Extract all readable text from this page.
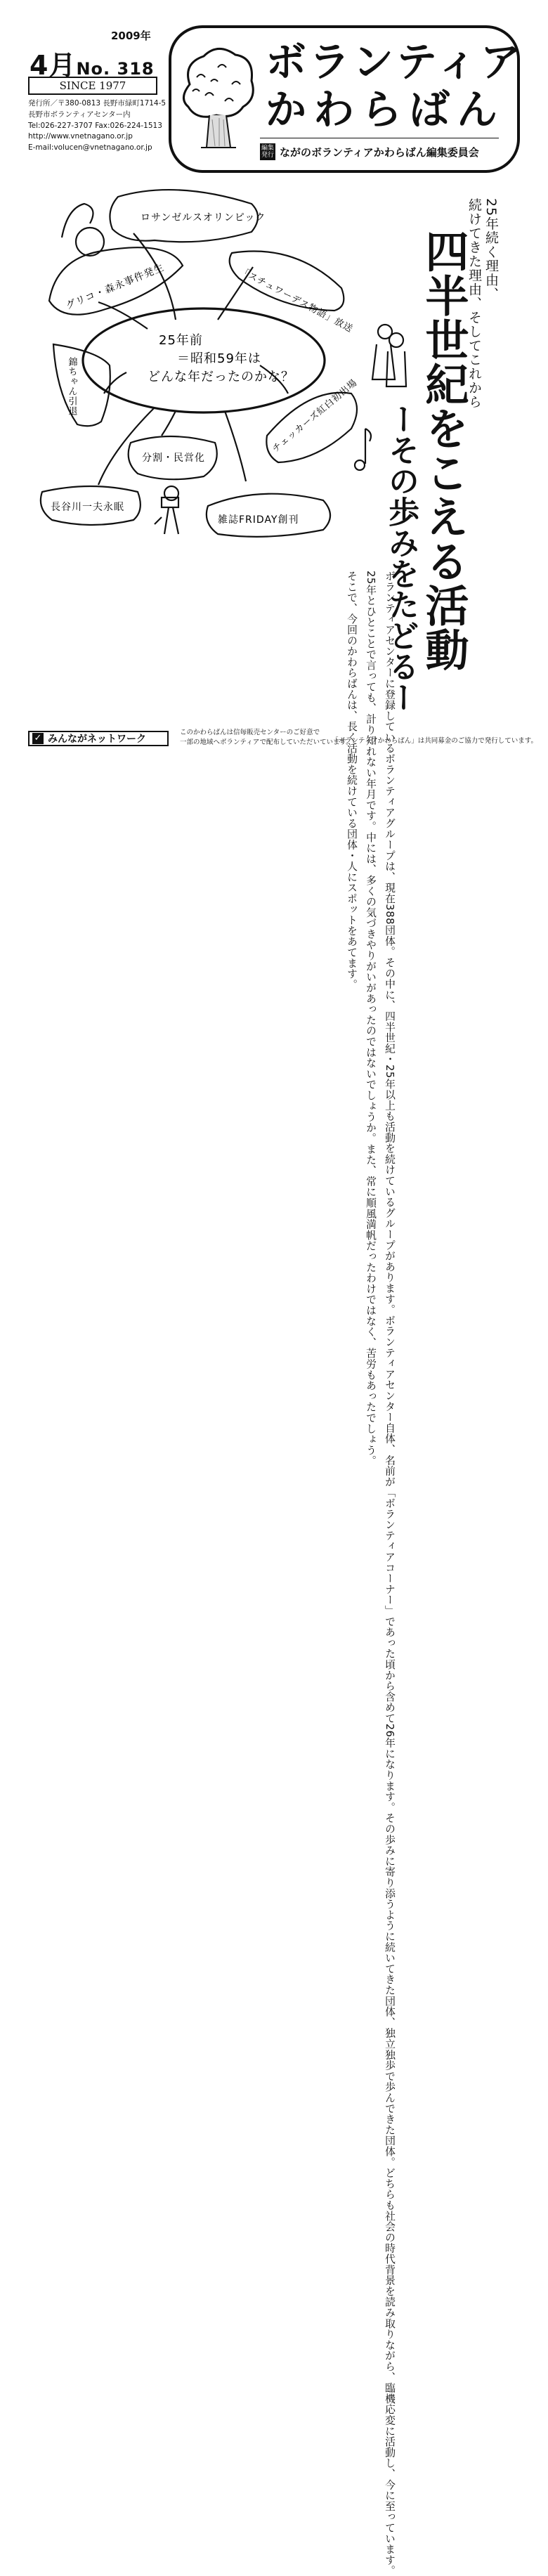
2009年
4月No. 318
SINCE 1977
発行所／〒380-0813 長野市緑町1714-5
長野市ボランティアセンター内
Tel:026-227-3707 Fax:026-224-1513
http://www.vnetnagano.or.jp
E-mail:volucen@vnetnagano.or.jp
ボランティア
かわらばん
編集
発行 ながのボランティアかわらばん編集委員会
ロサンゼルスオリンピック
「スチュワーデス物語」放送
グリコ・森永事件発生
チェッカーズ紅白初出場
錦ちゃん引退
分割・民営化
長谷川一夫永眠
雑誌FRIDAY創刊
25年前
＝昭和59年は
どんな年だったのかな？
25年続く理由、
続けてきた理由、そしてこれから
四半世紀をこえる活動
ーその歩みをたどるー

ボランティアセンターに登録しているボランティアグループは、現在388団体。その中に、四半世紀・25年以上も活動を続けているグループがあります。ボランティアセンター自体、名前が「ボランティアコーナー」であった頃から含めて26年になります。その歩みに寄り添うように続いてきた団体、独立独歩で歩んできた団体。どちらも社会の時代背景を読み取りながら、臨機応変に活動し、今に至っています。

25年とひとことで言っても、計り知れない年月です。中には、多くの気づきやりがいがあったのではないでしょうか。また、常に順風満帆だったわけではなく、苦労もあったでしょう。

そこで、今回のかわらばんは、長く活動を続けている団体・人にスポットをあてます。

✓ みんながネットワーク
このかわらばんは信毎販売センターのご好意で
一部の地域へボランティアで配布していただいています。
「ボランティアかわらばん」は共同募金のご協力で発行しています。
